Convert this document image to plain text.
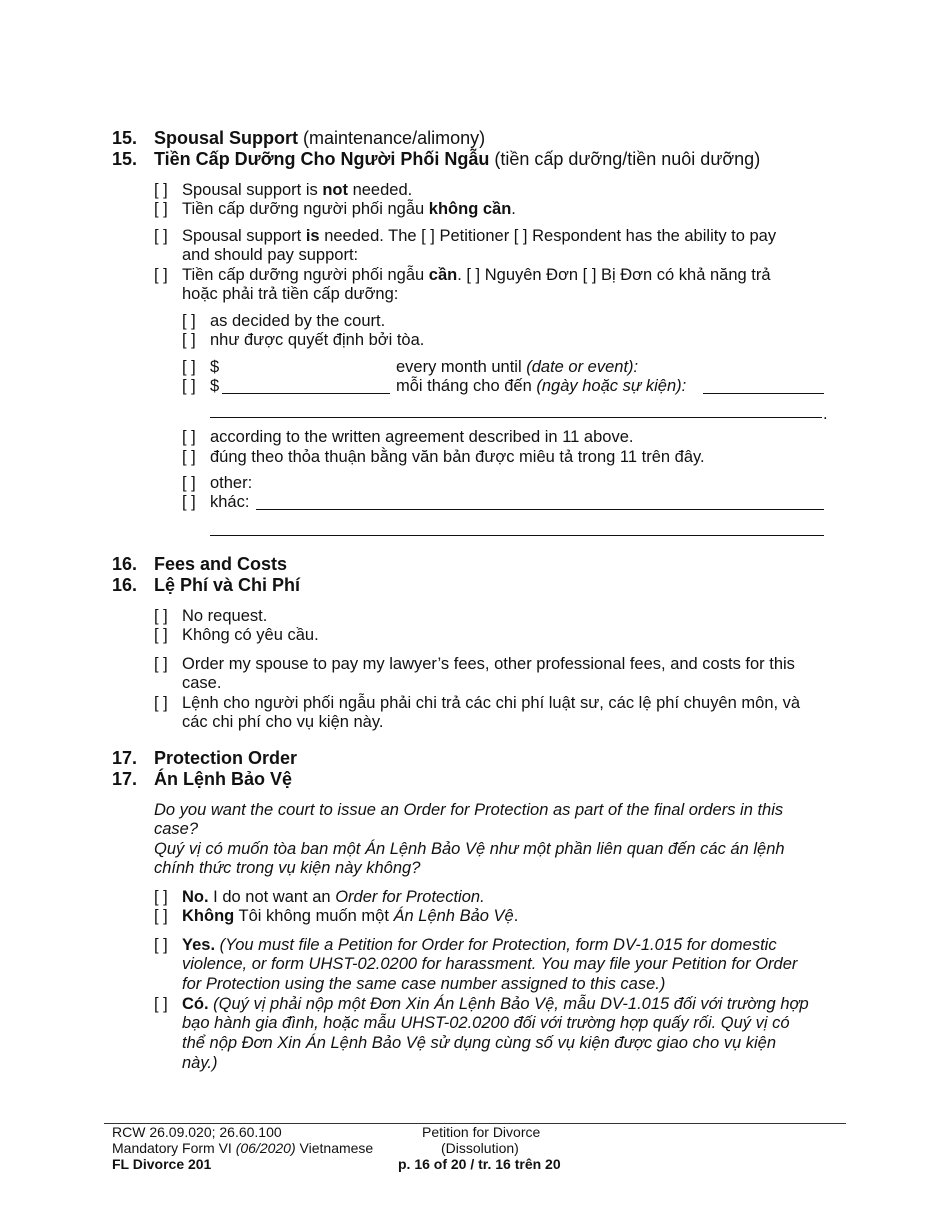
15. Spousal Support (maintenance/alimony)
15. Tiền Cấp Dưỡng Cho Người Phối Ngẫu (tiền cấp dưỡng/tiền nuôi dưỡng)
[ ] Spousal support is not needed.
[ ] Tiền cấp dưỡng người phối ngẫu không cần.
[ ] Spousal support is needed. The [ ] Petitioner [ ] Respondent has the ability to pay
and should pay support:
[ ] Tiền cấp dưỡng người phối ngẫu cần. [ ] Nguyên Đơn [ ] Bị Đơn có khả năng trả
hoặc phải trả tiền cấp dưỡng:
[ ] as decided by the court.
[ ] như được quyết định bởi tòa.
[ ] $	every month until (date or event):
[ ] $	mỗi tháng cho đến (ngày hoặc sự kiện):
.
[ ] according to the written agreement described in 11 above.
[ ] đúng theo thỏa thuận bằng văn bản được miêu tả trong 11 trên đây.
[ ] other:
[ ] khác:
16. Fees and Costs
16. Lệ Phí và Chi Phí
[ ] No request.
[ ] Không có yêu cầu.
[ ] Order my spouse to pay my lawyer’s fees, other professional fees, and costs for this
case.
[ ] Lệnh cho người phối ngẫu phải chi trả các chi phí luật sư, các lệ phí chuyên môn, và
các chi phí cho vụ kiện này.
17. Protection Order
17. Án Lệnh Bảo Vệ
Do you want the court to issue an Order for Protection as part of the final orders in this
case?
Quý vị có muốn tòa ban một Án Lệnh Bảo Vệ như một phần liên quan đến các án lệnh
chính thức trong vụ kiện này không?
[ ] No. I do not want an Order for Protection.
[ ] Không Tôi không muốn một Án Lệnh Bảo Vệ.
[ ] Yes. (You must file a Petition for Order for Protection, form DV-1.015 for domestic
violence, or form UHST-02.0200 for harassment. You may file your Petition for Order
for Protection using the same case number assigned to this case.)
[ ] Có. (Quý vị phải nộp một Đơn Xin Án Lệnh Bảo Vệ, mẫu DV-1.015 đối với trường hợp
bạo hành gia đình, hoặc mẫu UHST-02.0200 đối với trường hợp quấy rối. Quý vị có
thể nộp Đơn Xin Án Lệnh Bảo Vệ sử dụng cùng số vụ kiện được giao cho vụ kiện
này.)
RCW 26.09.020; 26.60.100
Mandatory Form VI (06/2020) Vietnamese
FL Divorce 201
Petition for Divorce
(Dissolution)
p. 16 of 20 / tr. 16 trên 20
